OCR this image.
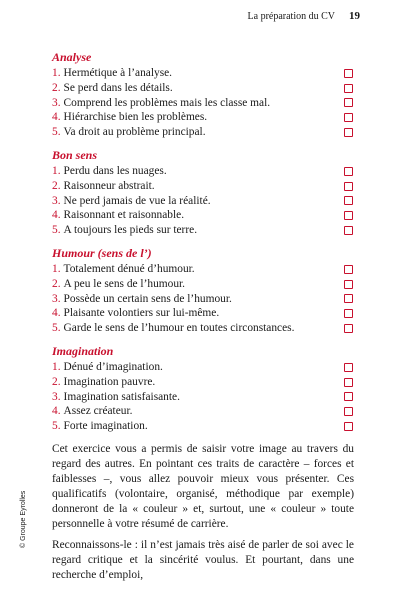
La préparation du CV 19
Analyse
1. Hermétique à l’analyse.
2. Se perd dans les détails.
3. Comprend les problèmes mais les classe mal.
4. Hiérarchise bien les problèmes.
5. Va droit au problème principal.
Bon sens
1. Perdu dans les nuages.
2. Raisonneur abstrait.
3. Ne perd jamais de vue la réalité.
4. Raisonnant et raisonnable.
5. A toujours les pieds sur terre.
Humour (sens de l’)
1. Totalement dénué d’humour.
2. A peu le sens de l’humour.
3. Possède un certain sens de l’humour.
4. Plaisante volontiers sur lui-même.
5. Garde le sens de l’humour en toutes circonstances.
Imagination
1. Dénué d’imagination.
2. Imagination pauvre.
3. Imagination satisfaisante.
4. Assez créateur.
5. Forte imagination.

Cet exercice vous a permis de saisir votre image au travers du regard des autres. En pointant ces traits de caractère – forces et faiblesses –, vous allez pouvoir mieux vous présenter. Ces qualificatifs (volontaire, organisé, méthodique par exemple) donneront de la « couleur » et, surtout, une « couleur » toute personnelle à votre résumé de carrière.

Reconnaissons-le : il n’est jamais très aisé de parler de soi avec le regard critique et la sincérité voulus. Et pourtant, dans une recherche d’emploi,

© Groupe Eyrolles
